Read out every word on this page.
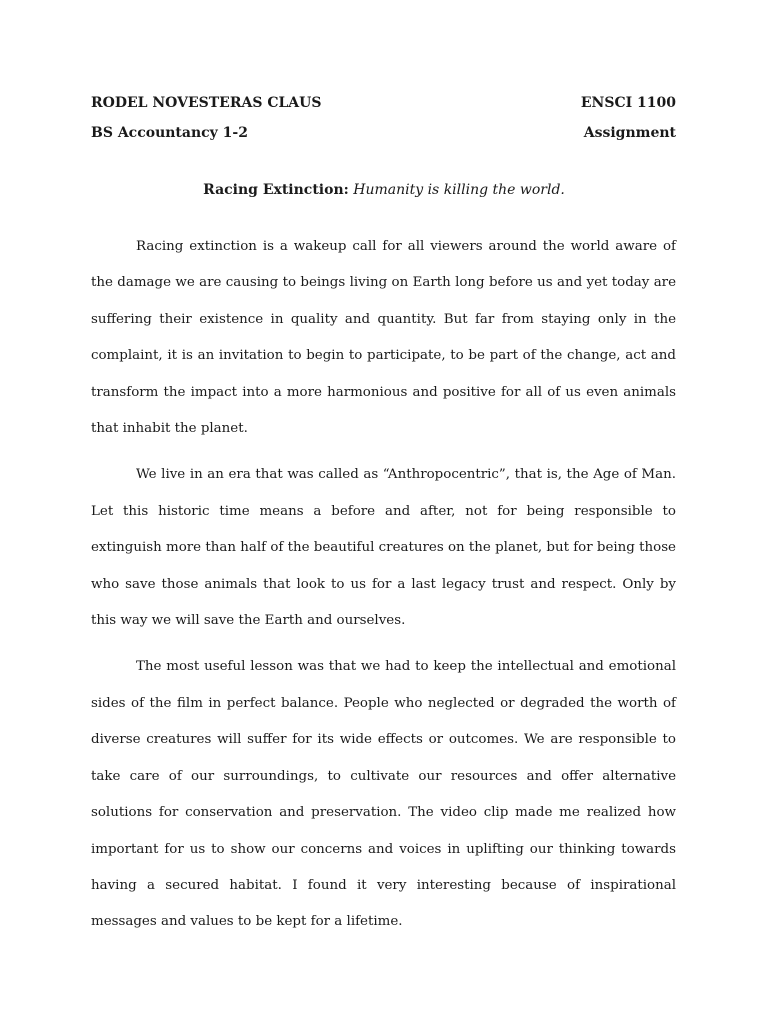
RODEL NOVESTERAS CLAUS	ENSCI 1100
BS Accountancy 1-2	Assignment
Racing Extinction: Humanity is killing the world.

Racing extinction is a wakeup call for all viewers around the world aware of the damage we are causing to beings living on Earth long before us and yet today are suffering their existence in quality and quantity. But far from staying only in the complaint, it is an invitation to begin to participate, to be part of the change, act and transform the impact into a more harmonious and positive for all of us even animals that inhabit the planet.

We live in an era that was called as “Anthropocentric”, that is, the Age of Man. Let this historic time means a before and after, not for being responsible to extinguish more than half of the beautiful creatures on the planet, but for being those who save those animals that look to us for a last legacy trust and respect. Only by this way we will save the Earth and ourselves.

The most useful lesson was that we had to keep the intellectual and emotional sides of the film in perfect balance. People who neglected or degraded the worth of diverse creatures will suffer for its wide effects or outcomes. We are responsible to take care of our surroundings, to cultivate our resources and offer alternative solutions for conservation and preservation. The video clip made me realized how important for us to show our concerns and voices in uplifting our thinking towards having a secured habitat. I found it very interesting because of inspirational messages and values to be kept for a lifetime.
